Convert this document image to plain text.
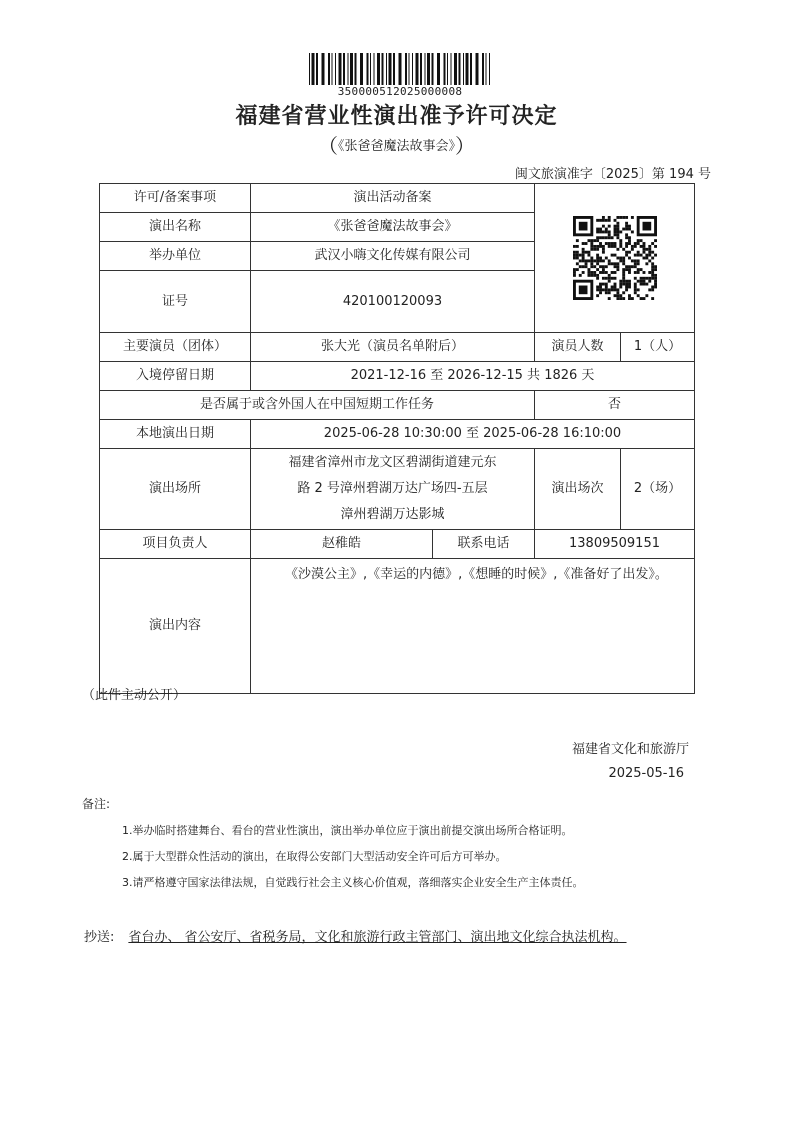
350000512025000008
福建省营业性演出准予许可决定
（《张爸爸魔法故事会》）
闽文旅演准字〔2025〕第 194 号
许可/备案事项	演出活动备案	

演出名称	《张爸爸魔法故事会》			
举办单位	武汉小嗨文化传媒有限公司			
证号	420100120093			
主要演员（团体）	张大光（演员名单附后）		演员人数	1（人）
入境停留日期	2021-12-16 至 2026-12-15 共 1826 天			
是否属于或含外国人在中国短期工作任务			否	
本地演出日期	2025-06-28 10:30:00 至 2025-06-28 16:10:00			
演出场所	福建省漳州市龙文区碧湖街道建元东
路 2 号漳州碧湖万达广场四-五层
漳州碧湖万达影城		演出场次	2（场）
项目负责人	赵稚皓	联系电话	13809509151	
演出内容	《沙漠公主》,《幸运的内德》,《想睡的时候》,《准备好了出发》。			
（此件主动公开）
福建省文化和旅游厅
2025-05-16
备注:
1.举办临时搭建舞台、看台的营业性演出，演出举办单位应于演出前提交演出场所合格证明。
2.属于大型群众性活动的演出，在取得公安部门大型活动安全许可后方可举办。
3.请严格遵守国家法律法规，自觉践行社会主义核心价值观，落细落实企业安全生产主体责任。
抄送: 省台办、 省公安厅、省税务局，文化和旅游行政主管部门、演出地文化综合执法机构。
